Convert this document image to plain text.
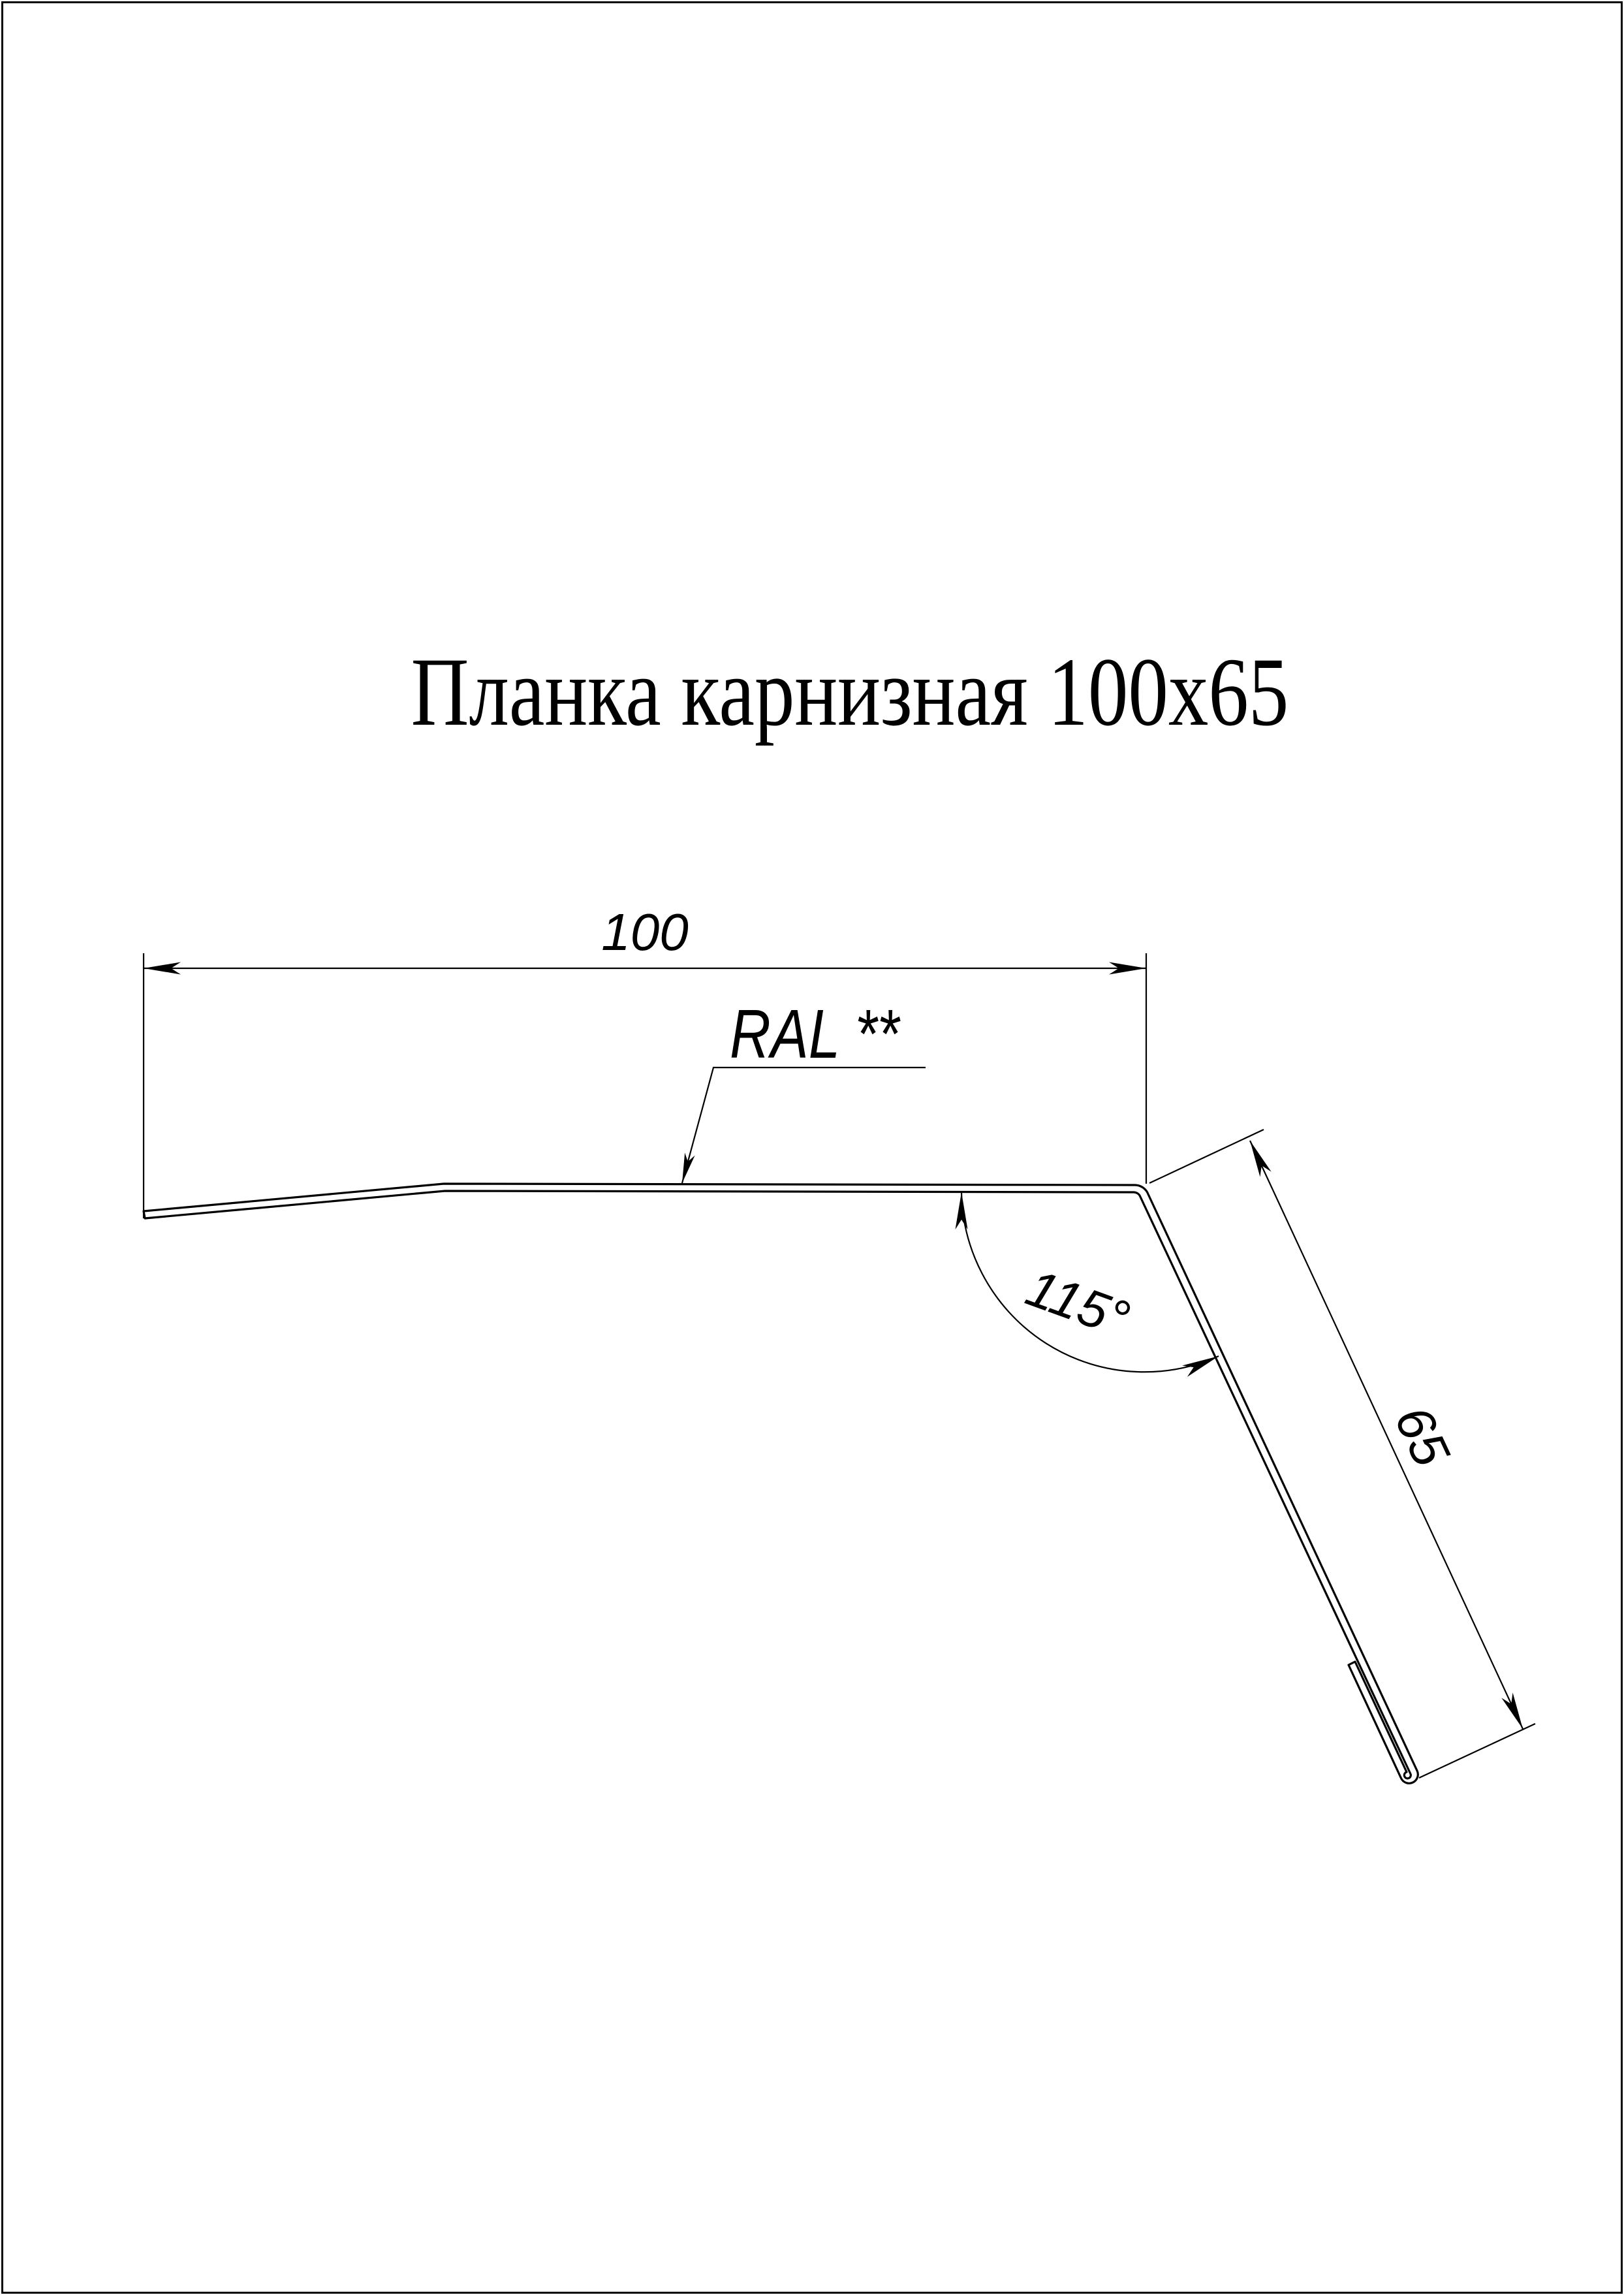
Планка карнизная 100x65
100
65
115°
RAL **
